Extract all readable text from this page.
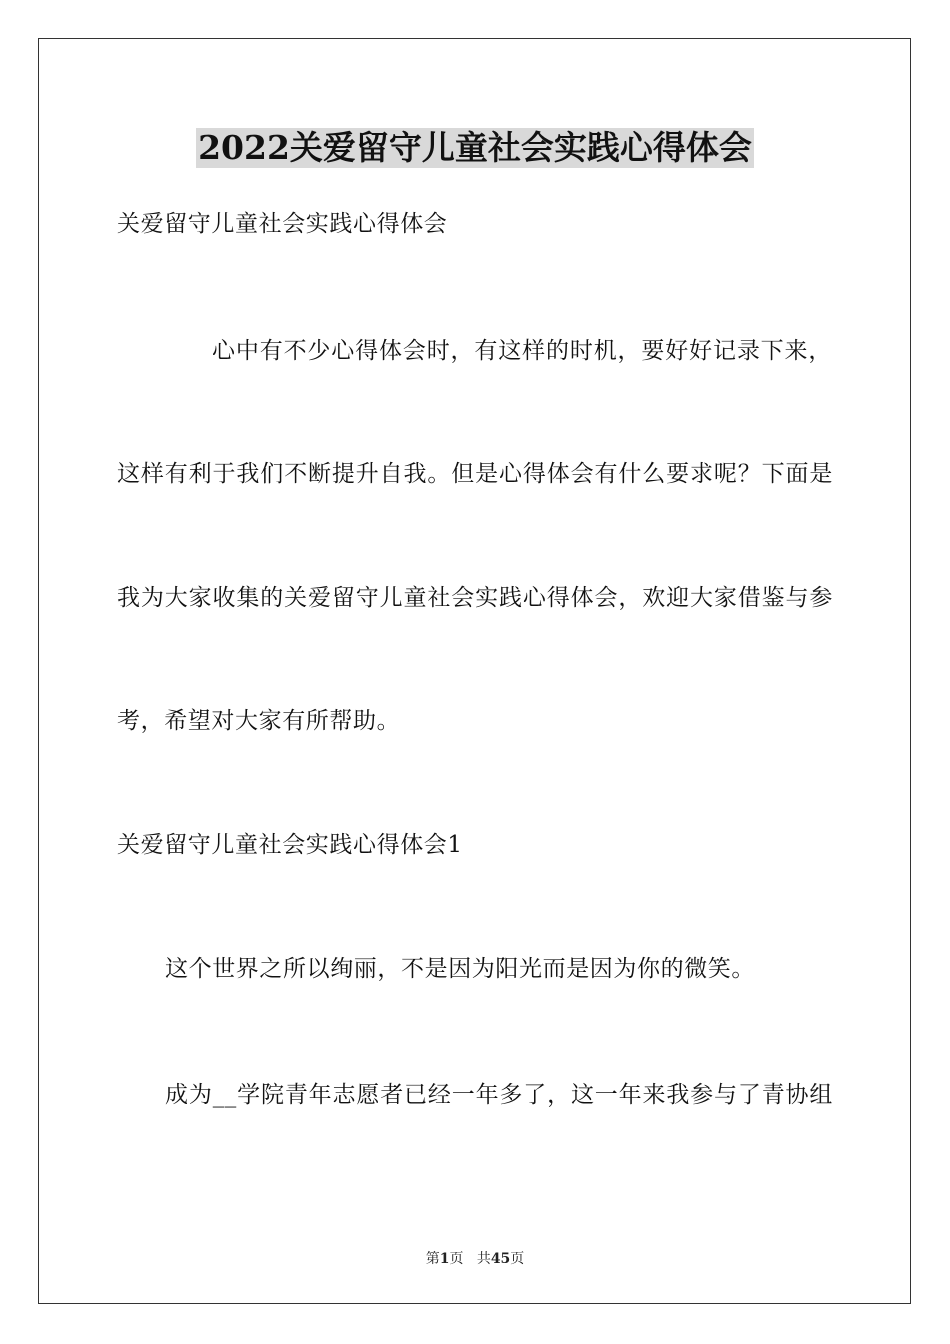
2022关爱留守儿童社会实践心得体会
关爱留守儿童社会实践心得体会
心中有不少心得体会时，有这样的时机，要好好记录下来，
这样有利于我们不断提升自我。但是心得体会有什么要求呢？下面是
我为大家收集的关爱留守儿童社会实践心得体会，欢迎大家借鉴与参
考，希望对大家有所帮助。
关爱留守儿童社会实践心得体会1
这个世界之所以绚丽，不是因为阳光而是因为你的微笑。
成为__学院青年志愿者已经一年多了，这一年来我参与了青协组
第1页 共45页
